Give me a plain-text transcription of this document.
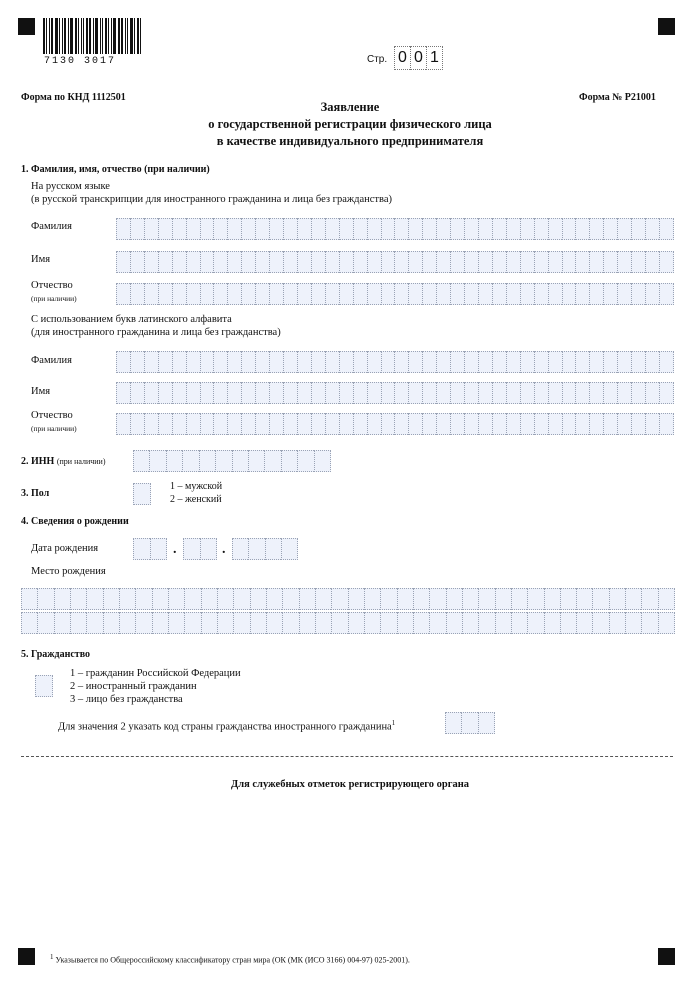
7130 3017	Стр. 0 0 1
Форма по КНД 1112501	Форма № Р21001
Заявление
о государственной регистрации физического лица
в качестве индивидуального предпринимателя
1. Фамилия, имя, отчество (при наличии)
На русском языке
(в русской транскрипции для иностранного гражданина и лица без гражданства)
Фамилия
Имя
Отчество
(при наличии)
С использованием букв латинского алфавита
(для иностранного гражданина и лица без гражданства)
Фамилия
Имя
Отчество
(при наличии)
2. ИНН (при наличии)
3. Пол
1 – мужской
2 – женский
4. Сведения о рождении
Дата рождения	.	.
Место рождения
5. Гражданство
1 – гражданин Российской Федерации
2 – иностранный гражданин
3 – лицо без гражданства
Для значения 2 указать код страны гражданства иностранного гражданина$^1$
Для служебных отметок регистрирующего органа
$^1$ Указывается по Общероссийскому классификатору стран мира (ОК (МК (ИСО 3166) 004-97) 025-2001).
